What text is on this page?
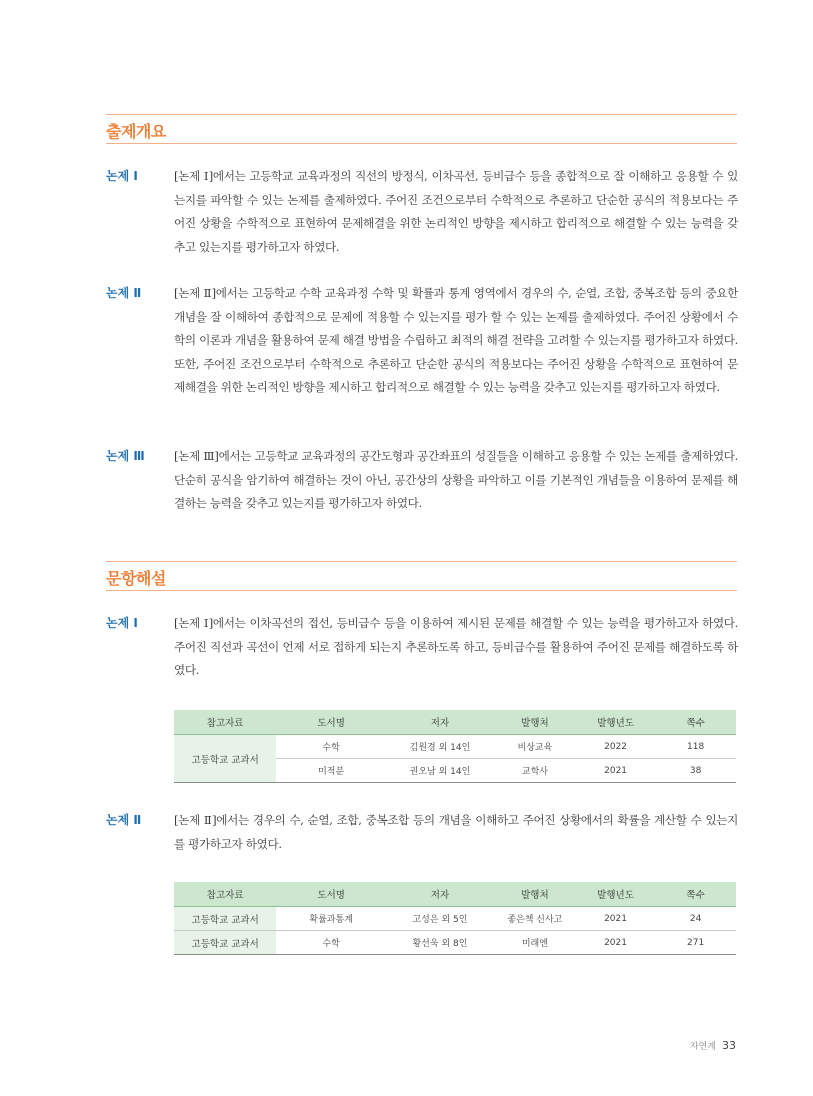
출제개요
논제 Ⅰ	[논제 Ⅰ]에서는 고등학교 교육과정의 직선의 방정식, 이차곡선, 등비급수 등을 종합적으로 잘 이해하고 응용할 수 있는지를 파악할 수 있는 논제를 출제하였다. 주어진 조건으로부터 수학적으로 추론하고 단순한 공식의 적용보다는 주어진 상황을 수학적으로 표현하여 문제해결을 위한 논리적인 방향을 제시하고 합리적으로 해결할 수 있는 능력을 갖추고 있는지를 평가하고자 하였다.

논제 Ⅱ	[논제 Ⅱ]에서는 고등학교 수학 교육과정 수학 및 확률과 통계 영역에서 경우의 수, 순열, 조합, 중복조합 등의 중요한 개념을 잘 이해하여 종합적으로 문제에 적용할 수 있는지를 평가 할 수 있는 논제를 출제하였다. 주어진 상황에서 수학의 이론과 개념을 활용하여 문제 해결 방법을 수립하고 최적의 해결 전략을 고려할 수 있는지를 평가하고자 하였다. 또한, 주어진 조건으로부터 수학적으로 추론하고 단순한 공식의 적용보다는 주어진 상황을 수학적으로 표현하여 문제해결을 위한 논리적인 방향을 제시하고 합리적으로 해결할 수 있는 능력을 갖추고 있는지를 평가하고자 하였다.

논제 Ⅲ	[논제 Ⅲ]에서는 고등학교 교육과정의 공간도형과 공간좌표의 성질들을 이해하고 응용할 수 있는 논제를 출제하였다. 단순히 공식을 암기하여 해결하는 것이 아닌, 공간상의 상황을 파악하고 이를 기본적인 개념들을 이용하여 문제를 해결하는 능력을 갖추고 있는지를 평가하고자 하였다.

문항해설
논제 Ⅰ	[논제 Ⅰ]에서는 이차곡선의 접선, 등비급수 등을 이용하여 제시된 문제를 해결할 수 있는 능력을 평가하고자 하였다. 주어진 직선과 곡선이 언제 서로 접하게 되는지 추론하도록 하고, 등비급수를 활용하여 주어진 문제를 해결하도록 하였다.

참고자료	도서명	저자	발행처	발행년도	쪽수
고등학교 교과서	수학	김원경 외 14인	비상교육	2022	118
	미적분	권오남 외 14인	교학사	2021	38
논제 Ⅱ	[논제 Ⅱ]에서는 경우의 수, 순열, 조합, 중복조합 등의 개념을 이해하고 주어진 상황에서의 확률을 계산할 수 있는지를 평가하고자 하였다.

참고자료	도서명	저자	발행처	발행년도	쪽수
고등학교 교과서	확률과통계	고성은 외 5인	좋은책 신사고	2021	24
고등학교 교과서	수학	황선욱 외 8인	미래엔	2021	271
자연계 33
